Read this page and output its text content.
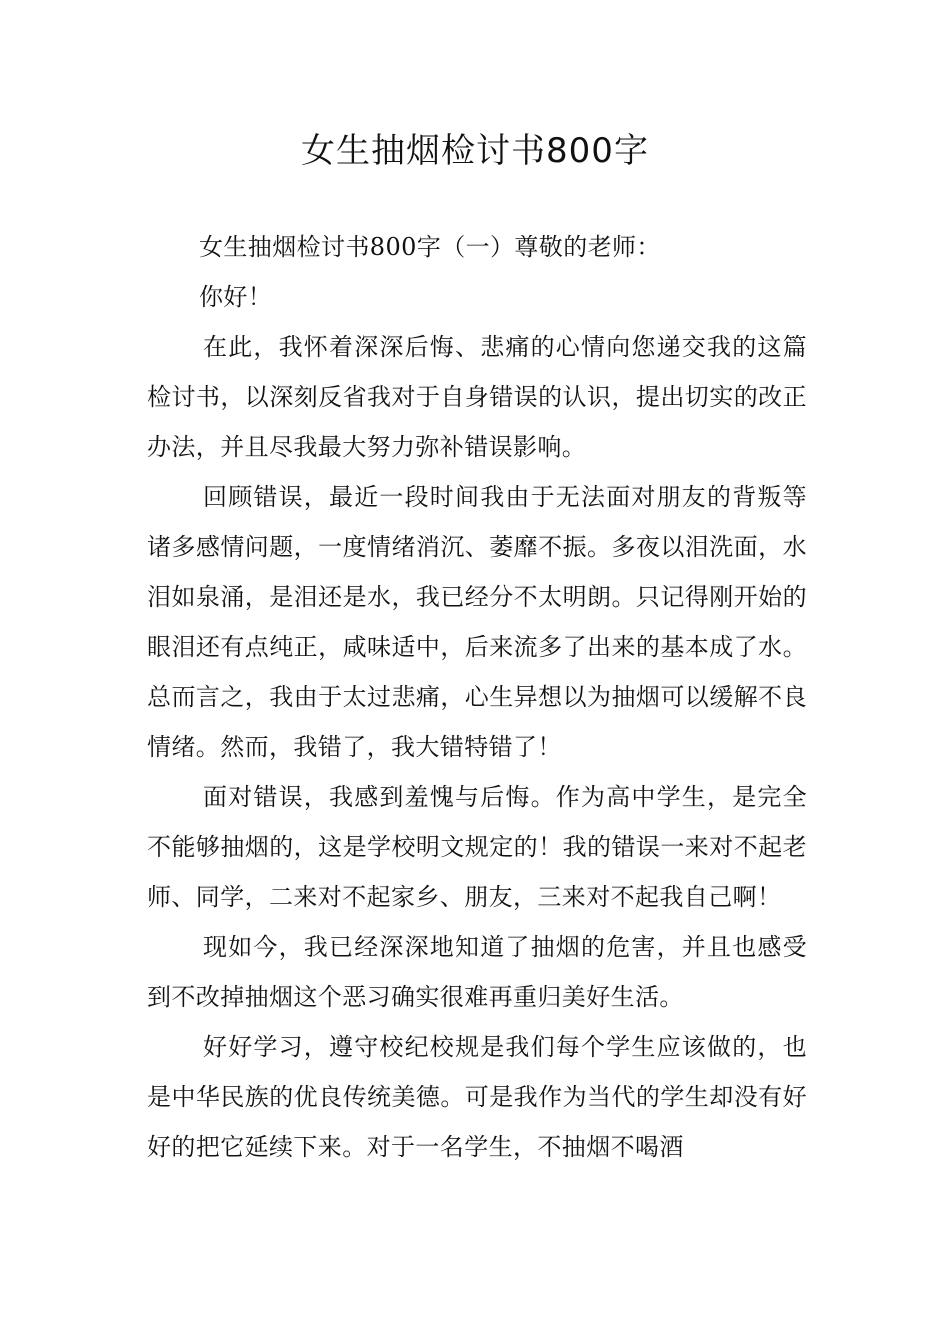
女生抽烟检讨书800字

女生抽烟检讨书800字（一）尊敬的老师：

你好！

在此，我怀着深深后悔、悲痛的心情向您递交我的这篇检讨书，以深刻反省我对于自身错误的认识，提出切实的改正办法，并且尽我最大努力弥补错误影响。

回顾错误，最近一段时间我由于无法面对朋友的背叛等诸多感情问题，一度情绪消沉、萎靡不振。多夜以泪洗面，水泪如泉涌，是泪还是水，我已经分不太明朗。只记得刚开始的眼泪还有点纯正，咸味适中，后来流多了出来的基本成了水。总而言之，我由于太过悲痛，心生异想以为抽烟可以缓解不良情绪。然而，我错了，我大错特错了！

面对错误，我感到羞愧与后悔。作为高中学生，是完全不能够抽烟的，这是学校明文规定的！我的错误一来对不起老师、同学，二来对不起家乡、朋友，三来对不起我自己啊！

现如今，我已经深深地知道了抽烟的危害，并且也感受到不改掉抽烟这个恶习确实很难再重归美好生活。

好好学习，遵守校纪校规是我们每个学生应该做的，也是中华民族的优良传统美德。可是我作为当代的学生却没有好好的把它延续下来。对于一名学生，不抽烟不喝酒
